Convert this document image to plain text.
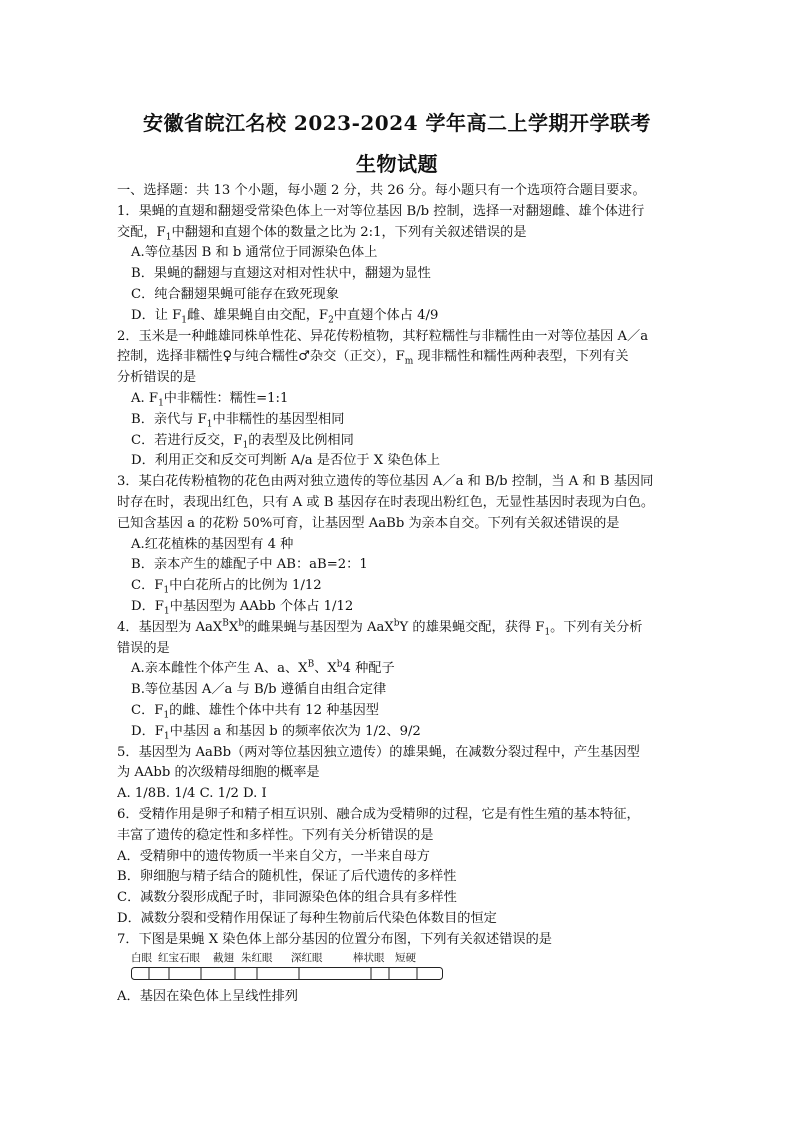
安徽省皖江名校 2023-2024 学年高二上学期开学联考
生物试题
一、选择题：共 13 个小题，每小题 2 分，共 26 分。每小题只有一个选项符合题目要求。
1．果蝇的直翅和翻翅受常染色体上一对等位基因 B/b 控制，选择一对翻翅雌、雄个体进行
交配，$F_1$中翻翅和直翅个体的数量之比为 2:1，下列有关叙述错误的是
A.等位基因 B 和 b 通常位于同源染色体上
B．果蝇的翻翅与直翅这对相对性状中，翻翅为显性
C．纯合翻翅果蝇可能存在致死现象
D．让 $F_1$雌、雄果蝇自由交配，$F_2$中直翅个体占 4/9
2．玉米是一种雌雄同株单性花、异花传粉植物，其籽粒糯性与非糯性由一对等位基因 A／a
控制，选择非糯性♀与纯合糯性♂杂交（正交），$F_m$ 现非糯性和糯性两种表型，下列有关
分析错误的是
A. $F_1$中非糯性：糯性=1:1
B．亲代与 $F_1$中非糯性的基因型相同
C．若进行反交，$F_1$的表型及比例相同
D．利用正交和反交可判断 A/a 是否位于 X 染色体上
3．某白花传粉植物的花色由两对独立遗传的等位基因 A／a 和 B/b 控制，当 A 和 B 基因同
时存在时，表现出红色，只有 A 或 B 基因存在时表现出粉红色，无显性基因时表现为白色。
已知含基因 a 的花粉 50%可育，让基因型 AaBb 为亲本自交。下列有关叙述错误的是
A.红花植株的基因型有 4 种
B．亲本产生的雄配子中 AB：aB=2：1
C．$F_1$中白花所占的比例为 1/12
D．$F_1$中基因型为 AAbb 个体占 1/12
4．基因型为 $AaX^BX^b$的雌果蝇与基因型为 AaX$^b$Y 的雄果蝇交配，获得 $F_1$。下列有关分析
错误的是
A.亲本雌性个体产生 A、a、$X^B$、$X^b4$ 种配子
B.等位基因 A／a 与 B/b 遵循自由组合定律
C．$F_1$的雌、雄性个体中共有 12 种基因型
D．$F_1$中基因 a 和基因 b 的频率依次为 1/2、9/2
5．基因型为 AaBb（两对等位基因独立遗传）的雄果蝇，在减数分裂过程中，产生基因型
为 AAbb 的次级精母细胞的概率是
A. 1/8B. 1/4 C. 1/2 D. I
6．受精作用是卵子和精子相互识别、融合成为受精卵的过程，它是有性生殖的基本特征，
丰富了遗传的稳定性和多样性。下列有关分析错误的是
A．受精卵中的遗传物质一半来自父方，一半来自母方
B．卵细胞与精子结合的随机性，保证了后代遗传的多样性
C．减数分裂形成配子时，非同源染色体的组合具有多样性
D．减数分裂和受精作用保证了每种生物前后代染色体数目的恒定
7．下图是果蝇 X 染色体上部分基因的位置分布图，下列有关叙述错误的是
白眼 红宝石眼 截翅 朱红眼 深红眼	棒状眼 短硬
A．基因在染色体上呈线性排列
